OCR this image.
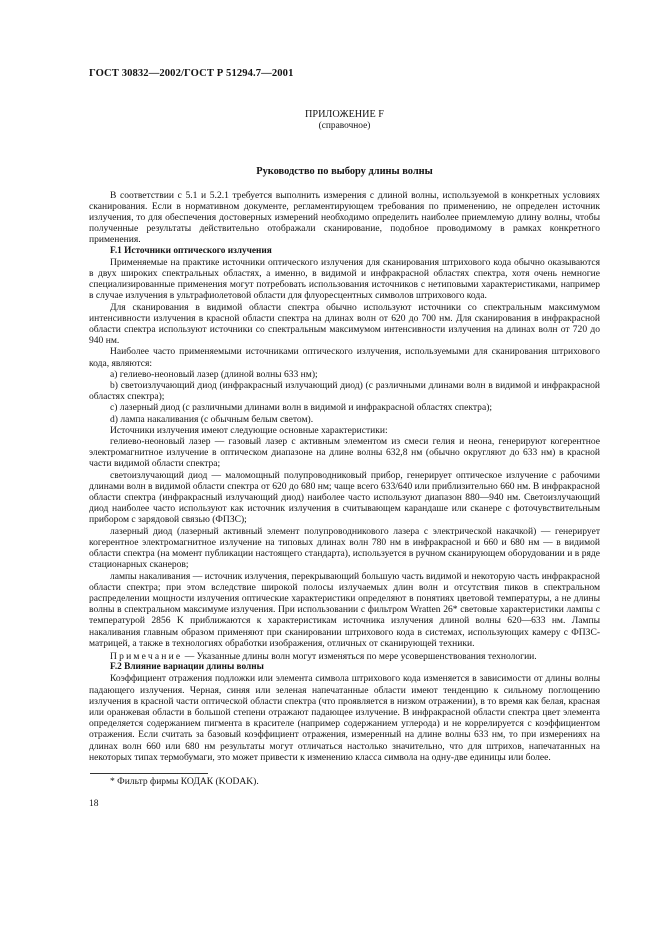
ГОСТ 30832—2002/ГОСТ Р 51294.7—2001
ПРИЛОЖЕНИЕ F
(справочное)
Руководство по выбору длины волны

В соответствии с 5.1 и 5.2.1 требуется выполнить измерения с длиной волны, используемой в конкретных условиях сканирования. Если в нормативном документе, регламентирующем требования по применению, не определен источник излучения, то для обеспечения достоверных измерений необходимо определить наиболее приемлемую длину волны, чтобы полученные результаты действительно отображали сканирование, подобное проводимому в рамках конкретного применения.

F.1 Источники оптического излучения

Применяемые на практике источники оптического излучения для сканирования штрихового кода обычно оказываются в двух широких спектральных областях, а именно, в видимой и инфракрасной областях спектра, хотя очень немногие специализированные применения могут потребовать использования источников с нетиповыми характеристиками, например в случае излучения в ультрафиолетовой области для флуоресцентных символов штрихового кода.

Для сканирования в видимой области спектра обычно используют источники со спектральным максимумом интенсивности излучения в красной области спектра на длинах волн от 620 до 700 нм. Для сканирования в инфракрасной области спектра используют источники со спектральным максимумом интенсивности излучения на длинах волн от 720 до 940 нм.

Наиболее часто применяемыми источниками оптического излучения, используемыми для сканирования штрихового кода, являются:

a) гелиево-неоновый лазер (длиной волны 633 нм);

b) светоизлучающий диод (инфракрасный излучающий диод) (с различными длинами волн в видимой и инфракрасной областях спектра);

c) лазерный диод (с различными длинами волн в видимой и инфракрасной областях спектра);

d) лампа накаливания (с обычным белым светом).

Источники излучения имеют следующие основные характеристики:

гелиево-неоновый лазер — газовый лазер с активным элементом из смеси гелия и неона, генерируют когерентное электромагнитное излучение в оптическом диапазоне на длине волны 632,8 нм (обычно округляют до 633 нм) в красной части видимой области спектра;

светоизлучающий диод — маломощный полупроводниковый прибор, генерирует оптическое излучение с рабочими длинами волн в видимой области спектра от 620 до 680 нм; чаще всего 633/640 или приблизительно 660 нм. В инфракрасной области спектра (инфракрасный излучающий диод) наиболее часто используют диапазон 880—940 нм. Светоизлучающий диод наиболее часто используют как источник излучения в считывающем карандаше или сканере с фоточувствительным прибором с зарядовой связью (ФПЗС);

лазерный диод (лазерный активный элемент полупроводникового лазера с электрической накачкой) — генерирует когерентное электромагнитное излучение на типовых длинах волн 780 нм в инфракрасной и 660 и 680 нм — в видимой области спектра (на момент публикации настоящего стандарта), используется в ручном сканирующем оборудовании и в ряде стационарных сканеров;

лампы накаливания — источник излучения, перекрывающий большую часть видимой и некоторую часть инфракрасной области спектра; при этом вследствие широкой полосы излучаемых длин волн и отсутствия пиков в спектральном распределении мощности излучения оптические характеристики определяют в понятиях цветовой температуры, а не длины волны в спектральном максимуме излучения. При использовании с фильтром Wratten 26* световые характеристики лампы с температурой 2856 K приближаются к характеристикам источника излучения длиной волны 620—633 нм. Лампы накаливания главным образом применяют при сканировании штрихового кода в системах, использующих камеру с ФПЗС-матрицей, а также в технологиях обработки изображения, отличных от сканирующей техники.

Примечание — Указанные длины волн могут изменяться по мере усовершенствования технологии.

F.2 Влияние вариации длины волны

Коэффициент отражения подложки или элемента символа штрихового кода изменяется в зависимости от длины волны падающего излучения. Черная, синяя или зеленая напечатанные области имеют тенденцию к сильному поглощению излучения в красной части оптической области спектра (что проявляется в низком отражении), в то время как белая, красная или оранжевая области в большой степени отражают падающее излучение. В инфракрасной области спектра цвет элемента определяется содержанием пигмента в красителе (например содержанием углерода) и не коррелируется с коэффициентом отражения. Если считать за базовый коэффициент отражения, измеренный на длине волны 633 нм, то при измерениях на длинах волн 660 или 680 нм результаты могут отличаться настолько значительно, что для штрихов, напечатанных на некоторых типах термобумаги, это может привести к изменению класса символа на одну-две единицы или более.

* Фильтр фирмы КОДАК (KODAK).

18
